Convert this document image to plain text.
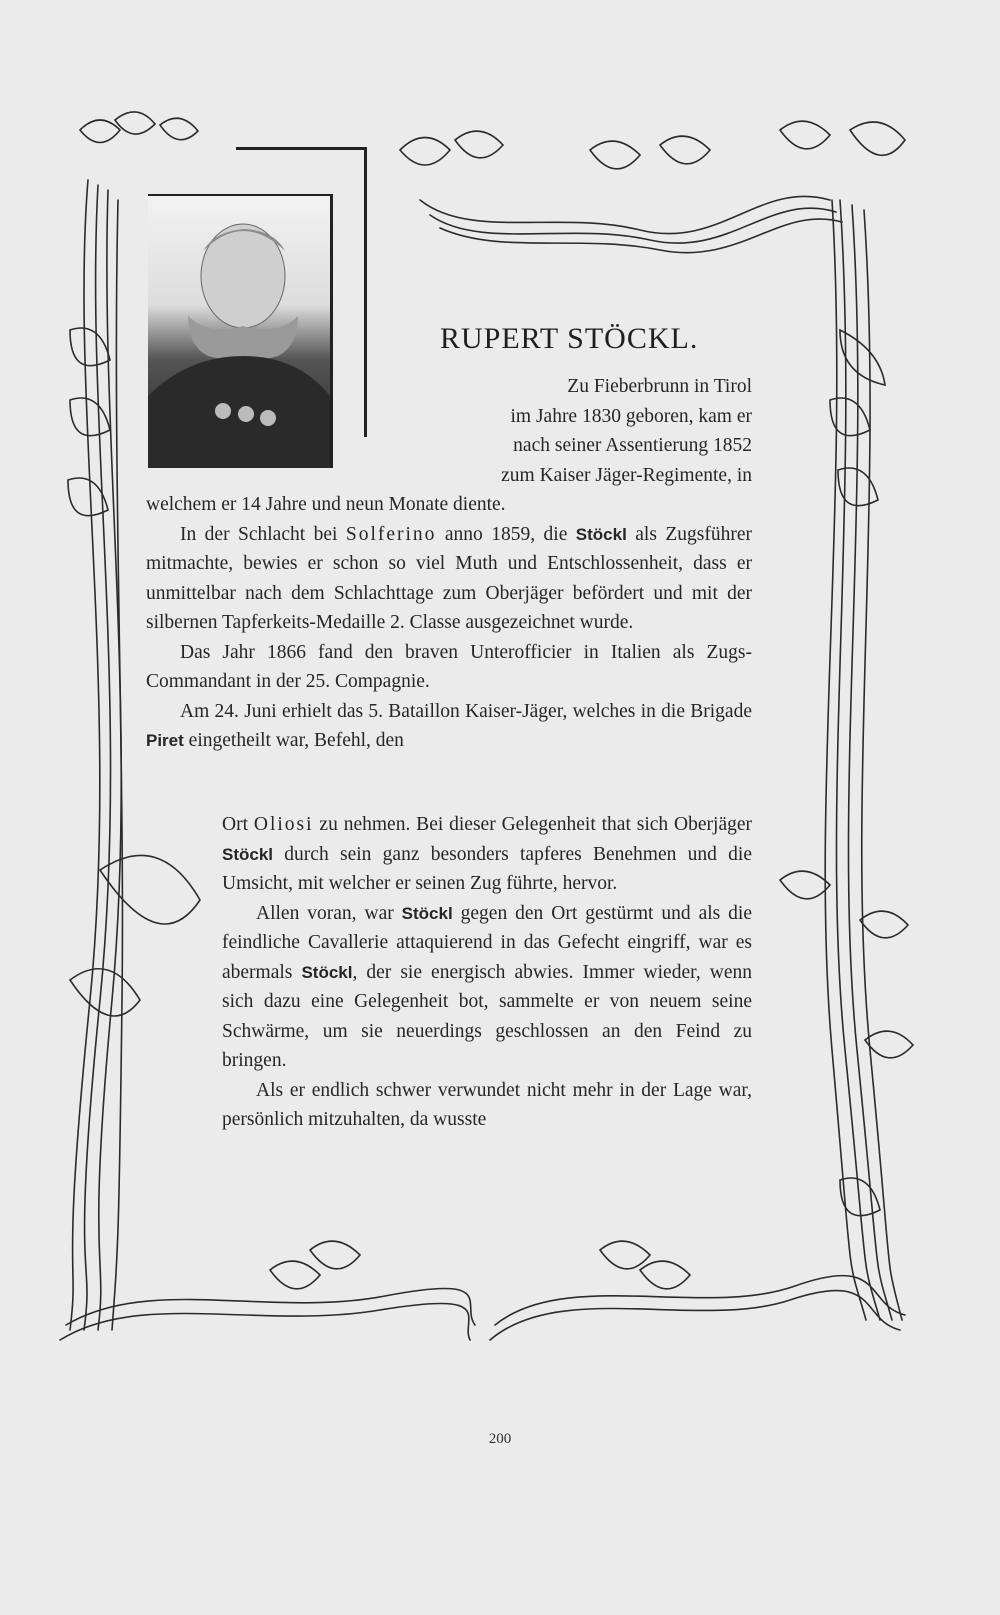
RUPERT STÖCKL.
Zu Fieberbrunn in Tirol
im Jahre 1830 geboren, kam er
nach seiner Assentierung 1852
zum Kaiser Jäger-Regimente, in

welchem er 14 Jahre und neun Monate diente.

In der Schlacht bei Solferino anno 1859, die Stöckl als Zugsführer mitmachte, bewies er schon so viel Muth und Entschlossenheit, dass er unmittelbar nach dem Schlachttage zum Oberjäger befördert und mit der silbernen Tapferkeits-Medaille 2. Classe ausgezeichnet wurde.

Das Jahr 1866 fand den braven Unterofficier in Italien als Zugs-Commandant in der 25. Compagnie.

Am 24. Juni erhielt das 5. Bataillon Kaiser-Jäger, welches in die Brigade Piret eingetheilt war, Befehl, den

Ort Oliosi zu nehmen. Bei dieser Gelegenheit that sich Oberjäger Stöckl durch sein ganz besonders tapferes Benehmen und die Umsicht, mit welcher er seinen Zug führte, hervor.

Allen voran, war Stöckl gegen den Ort gestürmt und als die feindliche Cavallerie attaquierend in das Gefecht eingriff, war es abermals Stöckl, der sie energisch abwies. Immer wieder, wenn sich dazu eine Gelegenheit bot, sammelte er von neuem seine Schwärme, um sie neuerdings geschlossen an den Feind zu bringen.

Als er endlich schwer verwundet nicht mehr in der Lage war, persönlich mitzuhalten, da wusste

200
